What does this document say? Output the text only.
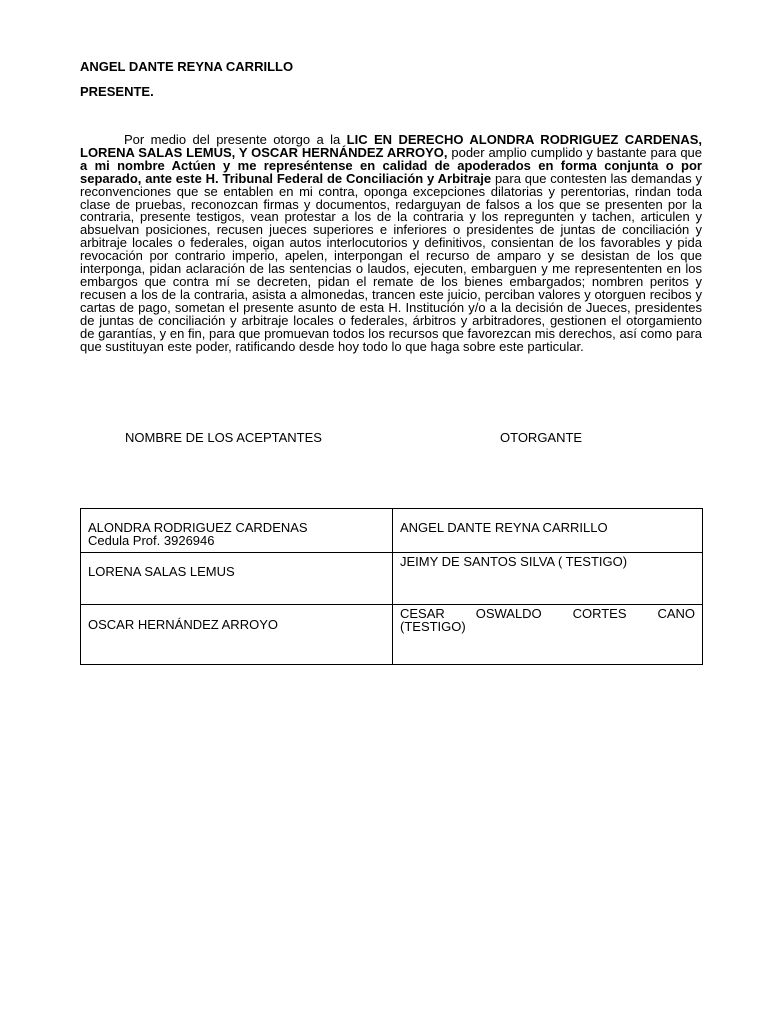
ANGEL DANTE REYNA CARRILLO

PRESENTE.

Por medio del presente otorgo a la LIC EN DERECHO ALONDRA RODRIGUEZ CARDENAS, LORENA SALAS LEMUS, Y OSCAR HERNÁNDEZ ARROYO, poder amplio cumplido y bastante para que a mi nombre Actúen y me represéntense en calidad de apoderados en forma conjunta o por separado, ante este H. Tribunal Federal de Conciliación y Arbitraje para que contesten las demandas y reconvenciones que se entablen en mi contra, oponga excepciones dilatorias y perentorias, rindan toda clase de pruebas, reconozcan firmas y documentos, redarguyan de falsos a los que se presenten por la contraria, presente testigos, vean protestar a los de la contraria y los repregunten y tachen, articulen y absuelvan posiciones, recusen jueces superiores e inferiores o presidentes de juntas de conciliación y arbitraje locales o federales, oigan autos interlocutorios y definitivos, consientan de los favorables y pida revocación por contrario imperio, apelen, interpongan el recurso de amparo y se desistan de los que interponga, pidan aclaración de las sentencias o laudos, ejecuten, embarguen y me represententen en los embargos que contra mí se decreten, pidan el remate de los bienes embargados; nombren peritos y recusen a los de la contraria, asista a almonedas, trancen este juicio, perciban valores y otorguen recibos y cartas de pago, sometan el presente asunto de esta H. Institución y/o a la decisión de Jueces, presidentes de juntas de conciliación y arbitraje locales o federales, árbitros y arbitradores, gestionen el otorgamiento de garantías, y en fin, para que promuevan todos los recursos que favorezcan mis derechos, así como para que sustituyan este poder, ratificando desde hoy todo lo que haga sobre este particular.

NOMBRE DE LOS ACEPTANTES	OTORGANTE

ALONDRA RODRIGUEZ CARDENAS
Cedula Prof. 3926946	ANGEL DANTE REYNA CARRILLO

LORENA SALAS LEMUS	JEIMY DE SANTOS SILVA ( TESTIGO)

OSCAR HERNÁNDEZ ARROYO	CESAR OSWALDO CORTES CANO
(TESTIGO)
